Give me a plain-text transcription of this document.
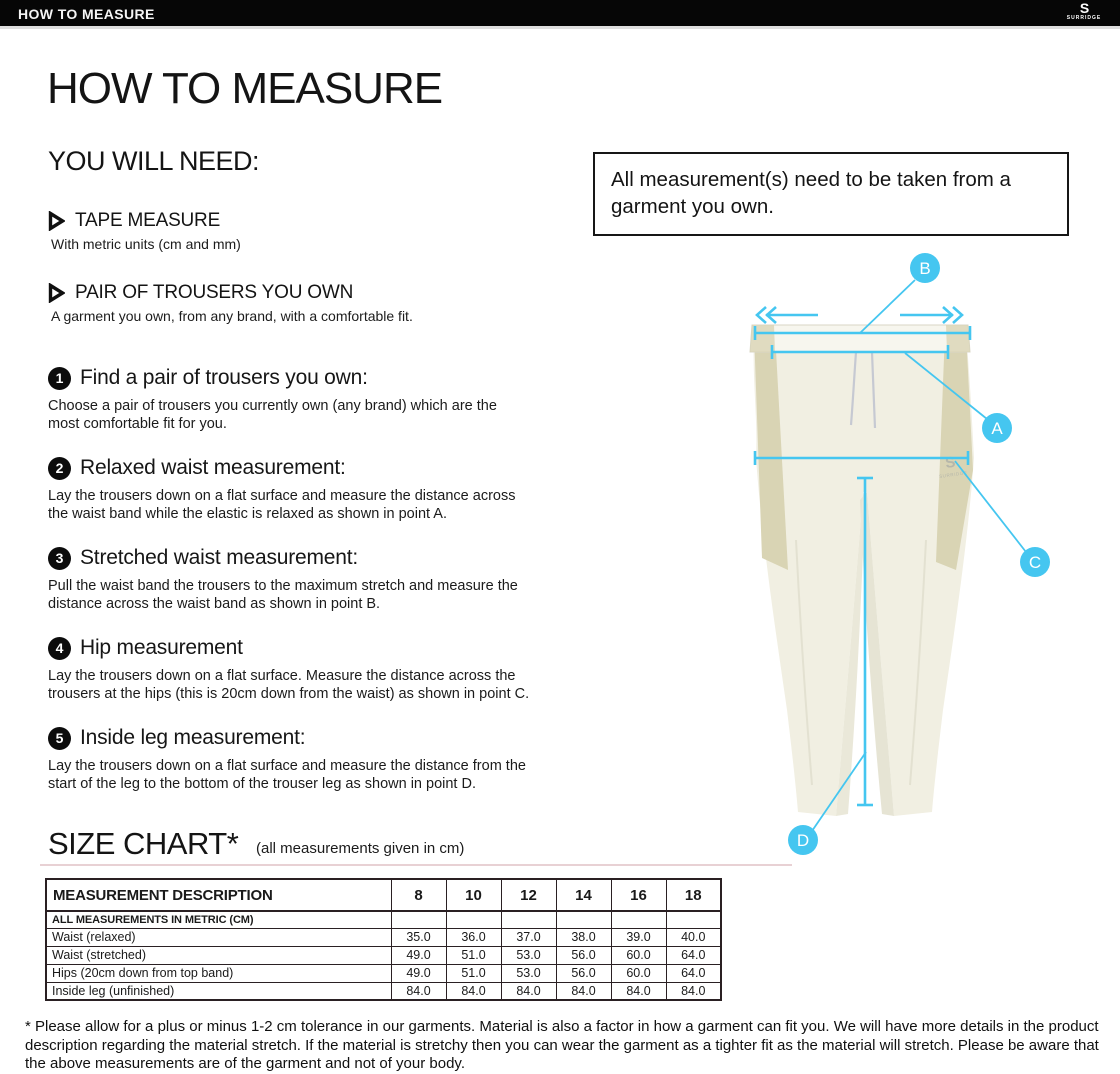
HOW TO MEASURE	S
SURRIDGE
HOW TO MEASURE
YOU WILL NEED:
TAPE MEASURE
With metric units (cm and mm)
PAIR OF TROUSERS YOU OWN
A garment you own, from any brand, with a comfortable fit.
1 Find a pair of trousers you own:
Choose a pair of trousers you currently own (any brand) which are the most comfortable fit for you.
2 Relaxed waist measurement:
Lay the trousers down on a flat surface and measure the distance across the waist band while the elastic is relaxed as shown in point A.
3 Stretched waist measurement:
Pull the waist band the trousers to the maximum stretch and measure the distance across the waist band as shown in point B.
4 Hip measurement
Lay the trousers down on a flat surface. Measure the distance across the trousers at the hips (this is 20cm down from the waist) as shown in point C.
5 Inside leg measurement:
Lay the trousers down on a flat surface and measure the distance from the start of the leg to the bottom of the trouser leg as shown in point D.
All measurement(s) need to be taken from a garment you own.
S
SURRIDGE
B
A
C
D
SIZE CHART* (all measurements given in cm)
MEASUREMENT DESCRIPTION	8	10	12	14	16	18
ALL MEASUREMENTS IN METRIC (CM)						
Waist (relaxed)	35.0	36.0	37.0	38.0	39.0	40.0
Waist (stretched)	49.0	51.0	53.0	56.0	60.0	64.0
Hips (20cm down from top band)	49.0	51.0	53.0	56.0	60.0	64.0
Inside leg (unfinished)	84.0	84.0	84.0	84.0	84.0	84.0
* Please allow for a plus or minus 1-2 cm tolerance in our garments. Material is also a factor in how a garment can fit you. We will have more details in the product description regarding the material stretch. If the material is stretchy then you can wear the garment as a tighter fit as the material will stretch. Please be aware that the above measurements are of the garment and not of your body.
